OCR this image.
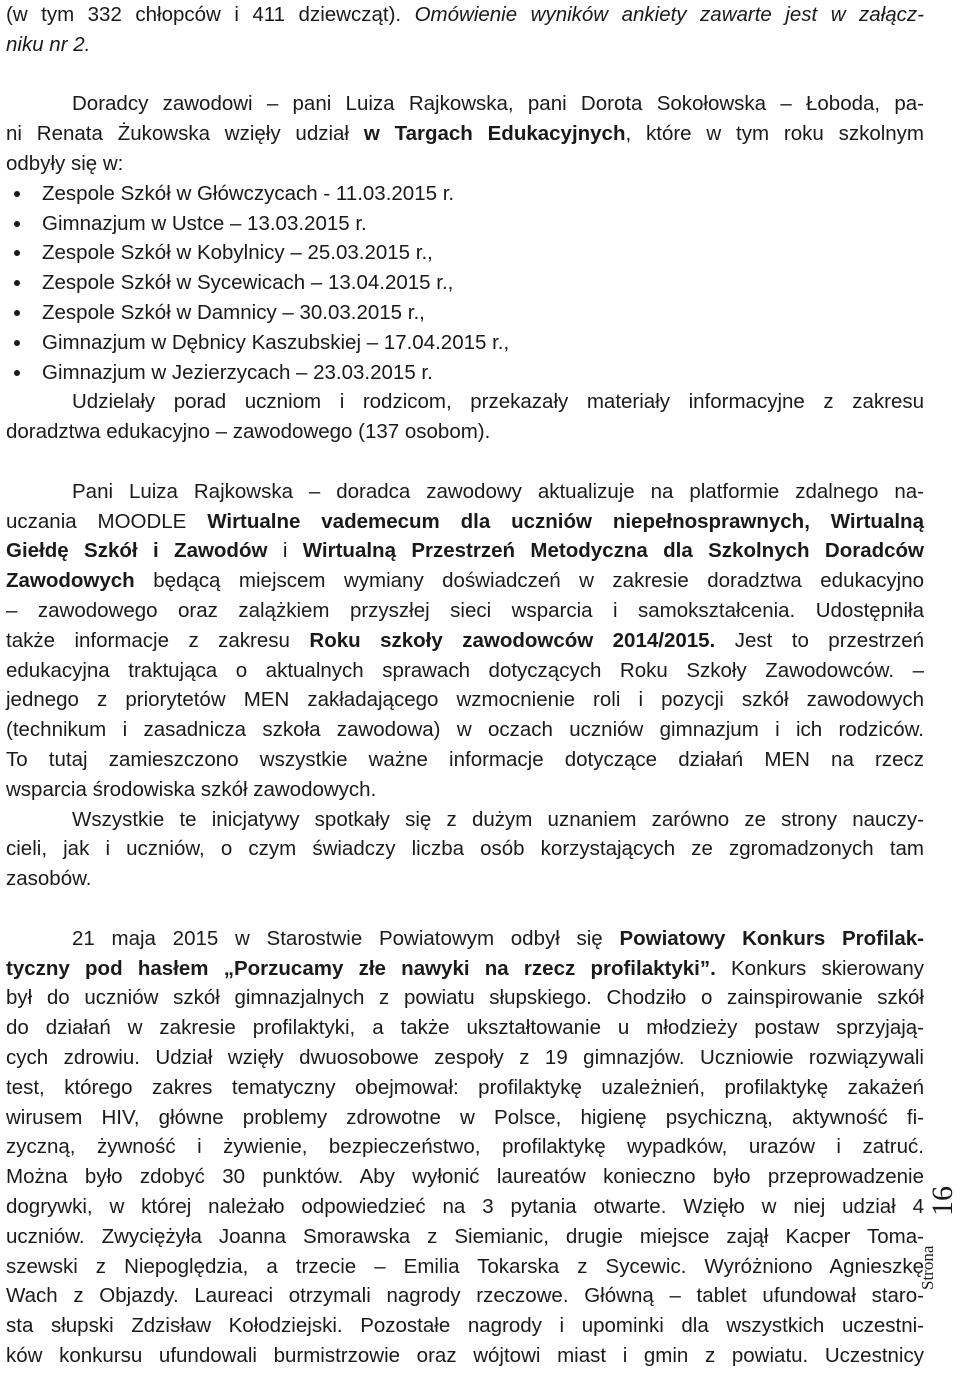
(w tym 332 chłopców i 411 dziewcząt). Omówienie wyników ankiety zawarte jest w załącz-
niku nr 2.
Doradcy zawodowi – pani Luiza Rajkowska, pani Dorota Sokołowska – Łoboda, pa-
ni Renata Żukowska wzięły udział w Targach Edukacyjnych, które w tym roku szkolnym
odbyły się w:
Zespole Szkół w Główczycach - 11.03.2015 r.
Gimnazjum w Ustce – 13.03.2015 r.
Zespole Szkół w Kobylnicy – 25.03.2015 r.,
Zespole Szkół w Sycewicach – 13.04.2015 r.,
Zespole Szkół w Damnicy – 30.03.2015 r.,
Gimnazjum w Dębnicy Kaszubskiej – 17.04.2015 r.,
Gimnazjum w Jezierzycach – 23.03.2015 r.
Udzielały porad uczniom i rodzicom, przekazały materiały informacyjne z zakresu
doradztwa edukacyjno – zawodowego (137 osobom).
Pani Luiza Rajkowska – doradca zawodowy aktualizuje na platformie zdalnego na-
uczania MOODLE Wirtualne vademecum dla uczniów niepełnosprawnych, Wirtualną
Giełdę Szkół i Zawodów i Wirtualną Przestrzeń Metodyczna dla Szkolnych Doradców
Zawodowych będącą miejscem wymiany doświadczeń w zakresie doradztwa edukacyjno
– zawodowego oraz zalążkiem przyszłej sieci wsparcia i samokształcenia. Udostępniła
także informacje z zakresu Roku szkoły zawodowców 2014/2015. Jest to przestrzeń
edukacyjna traktująca o aktualnych sprawach dotyczących Roku Szkoły Zawodowców. –
jednego z priorytetów MEN zakładającego wzmocnienie roli i pozycji szkół zawodowych
(technikum i zasadnicza szkoła zawodowa) w oczach uczniów gimnazjum i ich rodziców.
To tutaj zamieszczono wszystkie ważne informacje dotyczące działań MEN na rzecz
wsparcia środowiska szkół zawodowych.
Wszystkie te inicjatywy spotkały się z dużym uznaniem zarówno ze strony nauczy-
cieli, jak i uczniów, o czym świadczy liczba osób korzystających ze zgromadzonych tam
zasobów.
21 maja 2015 w Starostwie Powiatowym odbył się Powiatowy Konkurs Profilak-
tyczny pod hasłem „Porzucamy złe nawyki na rzecz profilaktyki”. Konkurs skierowany
był do uczniów szkół gimnazjalnych z powiatu słupskiego. Chodziło o zainspirowanie szkół
do działań w zakresie profilaktyki, a także ukształtowanie u młodzieży postaw sprzyjają-
cych zdrowiu. Udział wzięły dwuosobowe zespoły z 19 gimnazjów. Uczniowie rozwiązywali
test, którego zakres tematyczny obejmował: profilaktykę uzależnień, profilaktykę zakażeń
wirusem HIV, główne problemy zdrowotne w Polsce, higienę psychiczną, aktywność fi-
zyczną, żywność i żywienie, bezpieczeństwo, profilaktykę wypadków, urazów i zatruć.
Można było zdobyć 30 punktów. Aby wyłonić laureatów konieczno było przeprowadzenie
dogrywki, w której należało odpowiedzieć na 3 pytania otwarte. Wzięło w niej udział 4
uczniów. Zwyciężyła Joanna Smorawska z Siemianic, drugie miejsce zajął Kacper Toma-
szewski z Niepoględzia, a trzecie – Emilia Tokarska z Sycewic. Wyróżniono Agnieszkę
Wach z Objazdy. Laureaci otrzymali nagrody rzeczowe. Główną – tablet ufundował staro-
sta słupski Zdzisław Kołodziejski. Pozostałe nagrody i upominki dla wszystkich uczestni-
ków konkursu ufundowali burmistrzowie oraz wójtowi miast i gmin z powiatu. Uczestnicy
Strona
16
